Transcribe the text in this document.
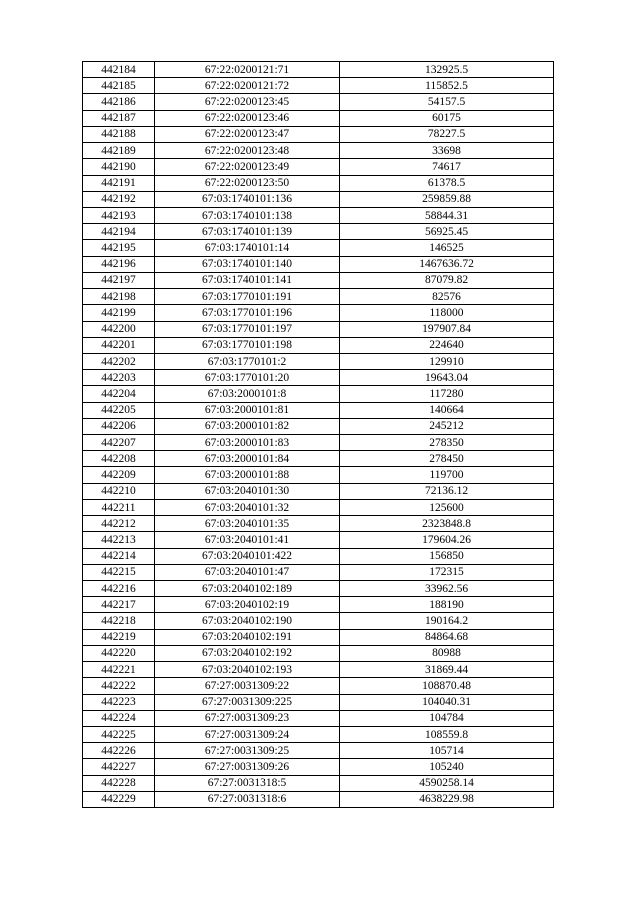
442184	67:22:0200121:71	132925.5
442185	67:22:0200121:72	115852.5
442186	67:22:0200123:45	54157.5
442187	67:22:0200123:46	60175
442188	67:22:0200123:47	78227.5
442189	67:22:0200123:48	33698
442190	67:22:0200123:49	74617
442191	67:22:0200123:50	61378.5
442192	67:03:1740101:136	259859.88
442193	67:03:1740101:138	58844.31
442194	67:03:1740101:139	56925.45
442195	67:03:1740101:14	146525
442196	67:03:1740101:140	1467636.72
442197	67:03:1740101:141	87079.82
442198	67:03:1770101:191	82576
442199	67:03:1770101:196	118000
442200	67:03:1770101:197	197907.84
442201	67:03:1770101:198	224640
442202	67:03:1770101:2	129910
442203	67:03:1770101:20	19643.04
442204	67:03:2000101:8	117280
442205	67:03:2000101:81	140664
442206	67:03:2000101:82	245212
442207	67:03:2000101:83	278350
442208	67:03:2000101:84	278450
442209	67:03:2000101:88	119700
442210	67:03:2040101:30	72136.12
442211	67:03:2040101:32	125600
442212	67:03:2040101:35	2323848.8
442213	67:03:2040101:41	179604.26
442214	67:03:2040101:422	156850
442215	67:03:2040101:47	172315
442216	67:03:2040102:189	33962.56
442217	67:03:2040102:19	188190
442218	67:03:2040102:190	190164.2
442219	67:03:2040102:191	84864.68
442220	67:03:2040102:192	80988
442221	67:03:2040102:193	31869.44
442222	67:27:0031309:22	108870.48
442223	67:27:0031309:225	104040.31
442224	67:27:0031309:23	104784
442225	67:27:0031309:24	108559.8
442226	67:27:0031309:25	105714
442227	67:27:0031309:26	105240
442228	67:27:0031318:5	4590258.14
442229	67:27:0031318:6	4638229.98
